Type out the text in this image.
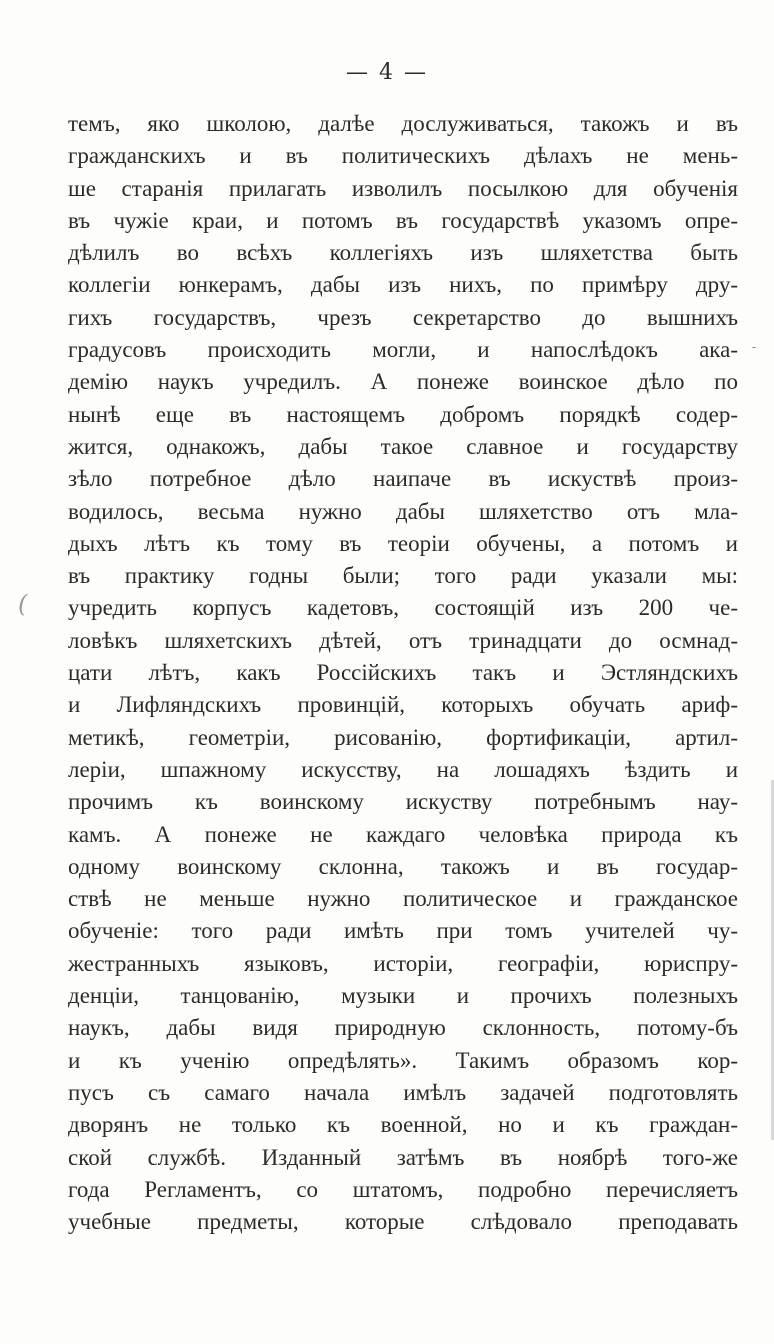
— 4 —
(
-
темъ, яко школою, далѣе дослуживаться, такожъ и въ
гражданскихъ и въ политическихъ дѣлахъ не мень-
ше старанія прилагать изволилъ посылкою для обученія
въ чужіе краи, и потомъ въ государствѣ указомъ опре-
дѣлилъ во всѣхъ коллегіяхъ изъ шляхетства быть
коллегіи юнкерамъ, дабы изъ нихъ, по примѣру дру-
гихъ государствъ, чрезъ секретарство до вышнихъ
градусовъ происходить могли, и напослѣдокъ ака-
демію наукъ учредилъ. А понеже воинское дѣло по
нынѣ еще въ настоящемъ добромъ порядкѣ содер-
жится, однакожъ, дабы такое славное и государству
зѣло потребное дѣло наипаче въ искуствѣ произ-
водилось, весьма нужно дабы шляхетство отъ мла-
дыхъ лѣтъ къ тому въ теоріи обучены, а потомъ и
въ практику годны были; того ради указали мы:
учредить корпусъ кадетовъ, состоящій изъ 200 че-
ловѣкъ шляхетскихъ дѣтей, отъ тринадцати до осмнад-
цати лѣтъ, какъ Россійскихъ такъ и Эстляндскихъ
и Лифляндскихъ провинцій, которыхъ обучать ариф-
метикѣ, геометріи, рисованію, фортификаціи, артил-
леріи, шпажному искусству, на лошадяхъ ѣздить и
прочимъ къ воинскому искуству потребнымъ нау-
камъ. А понеже не каждаго человѣка природа къ
одному воинскому склонна, такожъ и въ государ-
ствѣ не меньше нужно политическое и гражданское
обученіе: того ради имѣть при томъ учителей чу-
жестранныхъ языковъ, исторіи, географіи, юриспру-
денціи, танцованію, музыки и прочихъ полезныхъ
наукъ, дабы видя природную склонность, потому-бъ
и къ ученію опредѣлять». Такимъ образомъ кор-
пусъ съ самаго начала имѣлъ задачей подготовлять
дворянъ не только къ военной, но и къ граждан-
ской службѣ. Изданный затѣмъ въ ноябрѣ того-же
года Регламентъ, со штатомъ, подробно перечисляетъ
учебные предметы, которые слѣдовало преподавать
